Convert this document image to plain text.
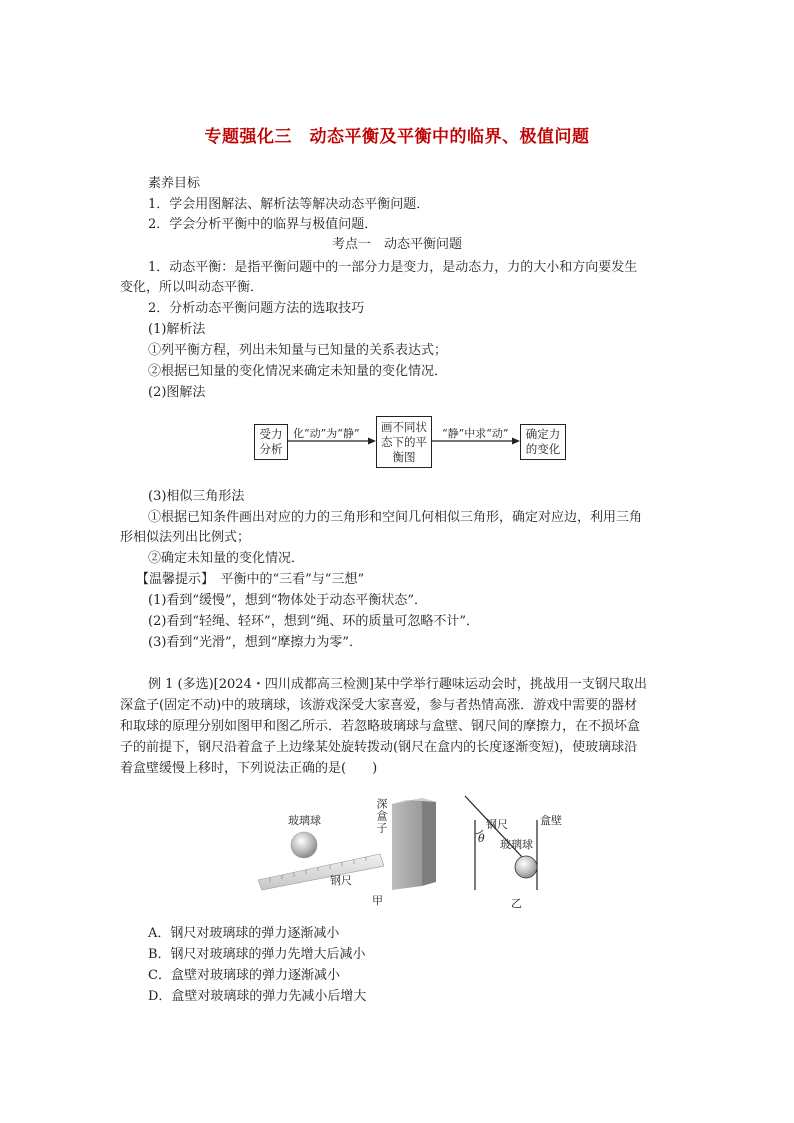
专题强化三　动态平衡及平衡中的临界、极值问题
素养目标
1．学会用图解法、解析法等解决动态平衡问题．
2．学会分析平衡中的临界与极值问题．
考点一　动态平衡问题
1．动态平衡：是指平衡问题中的一部分力是变力，是动态力，力的大小和方向要发生
变化，所以叫动态平衡．
2．分析动态平衡问题方法的选取技巧
(1)解析法
①列平衡方程，列出未知量与已知量的关系表达式；
②根据已知量的变化情况来确定未知量的变化情况．
(2)图解法
受力
分析
化“动”为“静”	画不同状
态下的平
衡图
“静”中求“动”	确定力
的变化
(3)相似三角形法
①根据已知条件画出对应的力的三角形和空间几何相似三角形，确定对应边，利用三角
形相似法列出比例式；
②确定未知量的变化情况．
【温馨提示】　平衡中的“三看”与“三想”
(1)看到“缓慢”，想到“物体处于动态平衡状态”．
(2)看到“轻绳、轻环”，想到“绳、环的质量可忽略不计”．
(3)看到“光滑”，想到“摩擦力为零”．
例 1 (多选)[2024・四川成都高三检测]某中学举行趣味运动会时，挑战用一支钢尺取出
深盒子(固定不动)中的玻璃球，该游戏深受大家喜爱，参与者热情高涨．游戏中需要的器材
和取球的原理分别如图甲和图乙所示．若忽略玻璃球与盒壁、钢尺间的摩擦力，在不损坏盒
子的前提下，钢尺沿着盒子上边缘某处旋转拨动(钢尺在盒内的长度逐渐变短)，使玻璃球沿
着盒壁缓慢上移时，下列说法正确的是(　　)
玻璃球	深盒子
钢尺
甲
钢尺
θ 玻璃球
盒壁
乙
A．钢尺对玻璃球的弹力逐渐减小
B．钢尺对玻璃球的弹力先增大后减小
C．盒壁对玻璃球的弹力逐渐减小
D．盒壁对玻璃球的弹力先减小后增大
